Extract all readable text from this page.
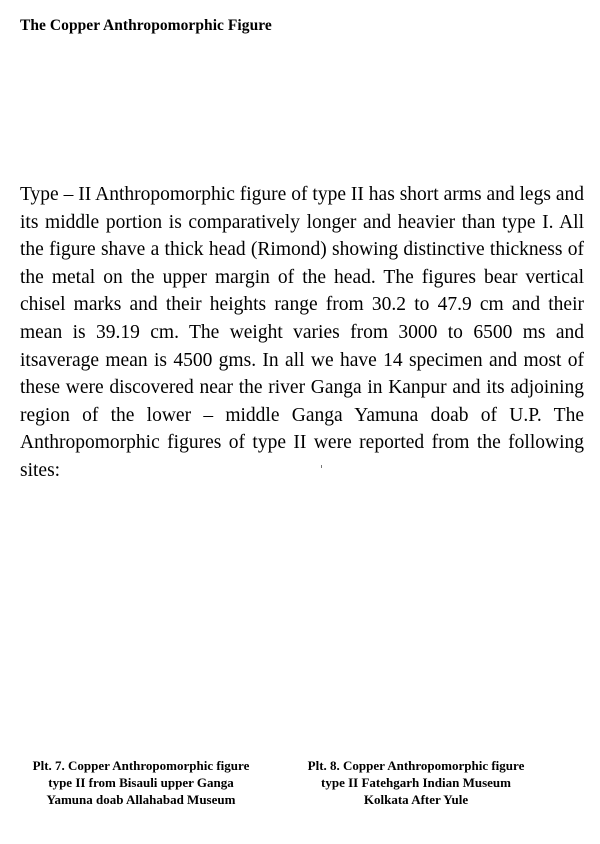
The Copper Anthropomorphic Figure

Type – II Anthropomorphic figure of type II has short arms and legs and its middle portion is comparatively longer and heavier than type I. All the figure shave a thick head (Rimond) showing distinctive thickness of the metal on the upper margin of the head. The figures bear vertical chisel marks and their heights range from 30.2 to 47.9 cm and their mean is 39.19 cm. The weight varies from 3000 to 6500 ms and itsaverage mean is 4500 gms. In all we have 14 specimen and most of these were discovered near the river Ganga in Kanpur and its adjoining region of the lower – middle Ganga Yamuna doab of U.P. The Anthropomorphic figures of type II were reported from the following sites:

Plt. 7. Copper Anthropomorphic figure type II from Bisauli upper Ganga Yamuna doab Allahabad Museum

Plt. 8. Copper Anthropomorphic figure type II Fatehgarh Indian Museum Kolkata After Yule
